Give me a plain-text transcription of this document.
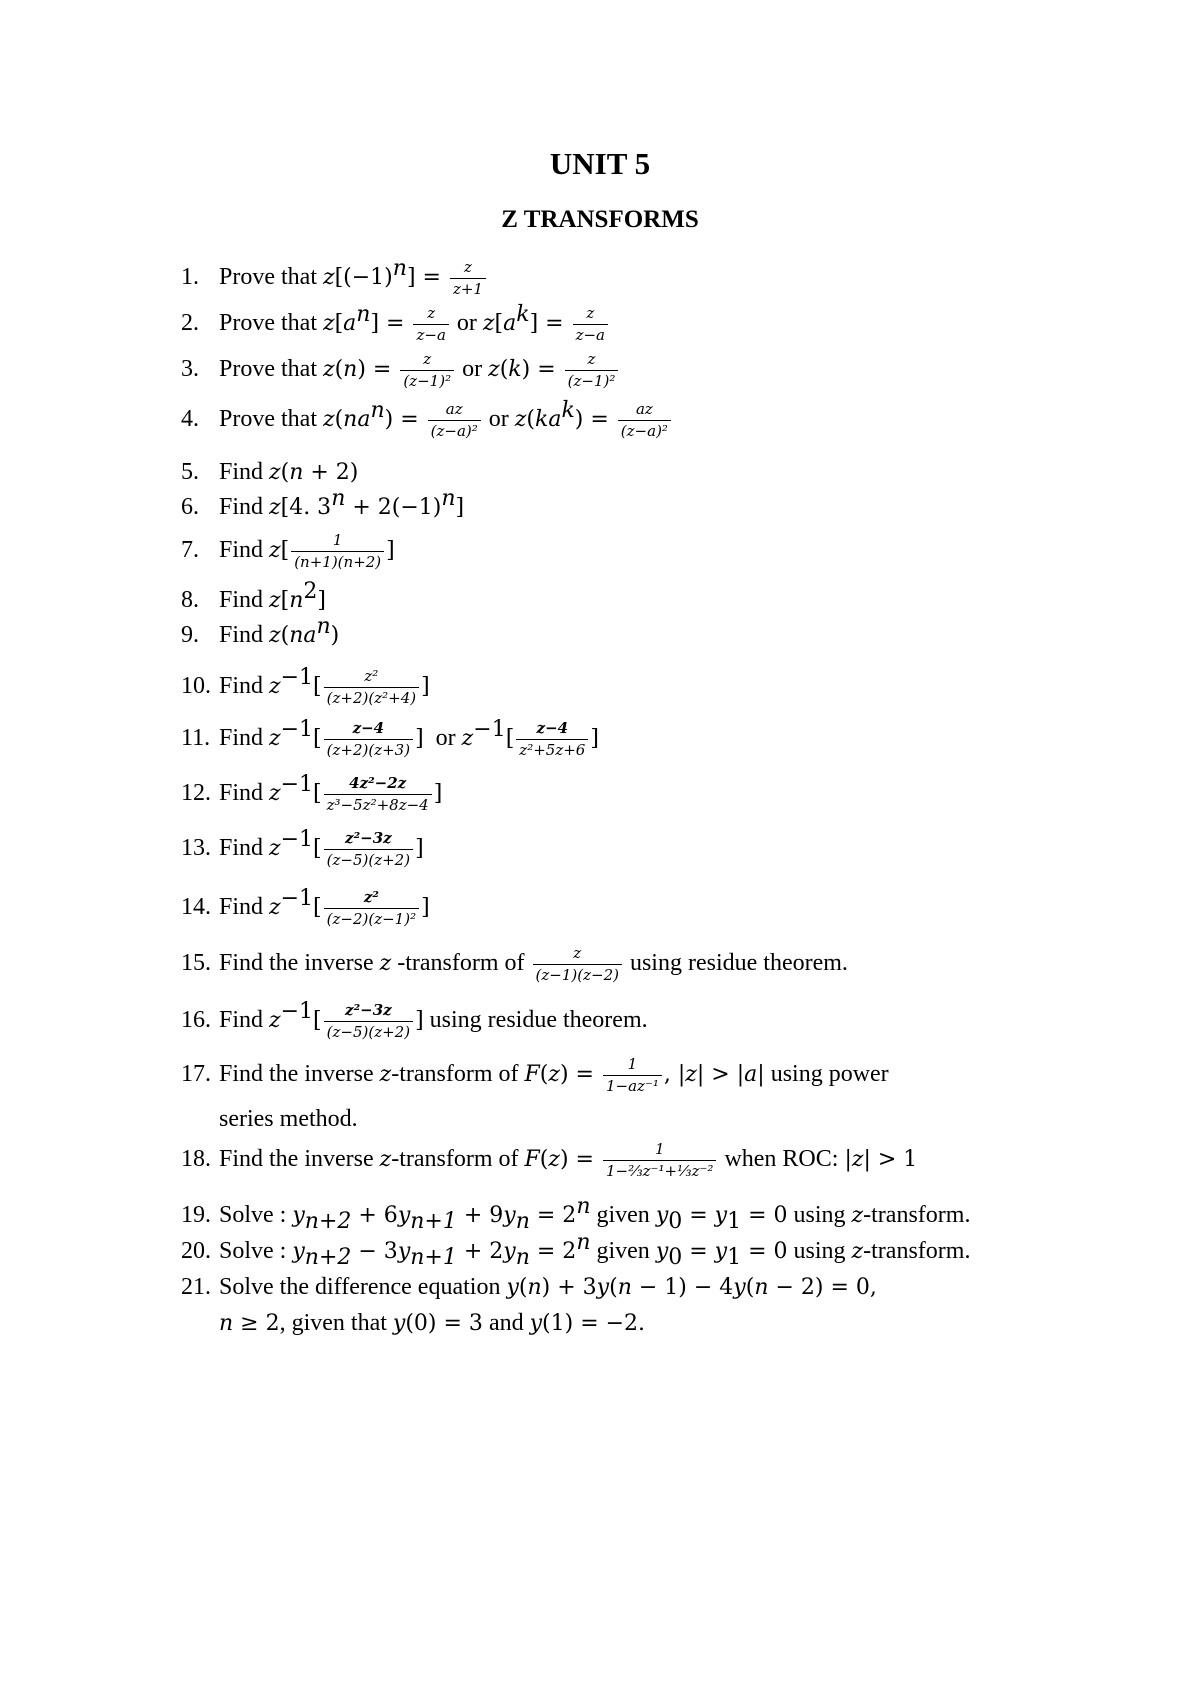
UNIT 5
Z TRANSFORMS
1. Prove that $z[(-1)^n] = \frac{z}{z+1}$
2. Prove that $z[a^n] = \frac{z}{z-a}$ or $z[a^k] = \frac{z}{z-a}$
3. Prove that $z(n) = \frac{z}{\text{(z−1)²}}$ or $z(k) = \frac{z}{\text{(z−1)²}}$
4. Prove that $z(na^n) = \frac{az}{\text{(z−a)²}}$ or $z(ka^k) = \frac{az}{\text{(z−a)²}}$
5. Find z(n + 2)
6. Find z[4. $3^n + 2(-1)^n$]
7. Find $z[ \frac{1}{(n+1)(n+2)}$ ]
8. Find $z[n^2]$
9. Find $z(na^n)$
10. Find $z^{-1}[ \frac{\text{z²}}{\text{(z+2)(z²+4)}}$ ]
11. Find $z^{-1}[ \frac{z-4}{(z+2)(z+3)}$ ] or $z^{-1}[ \frac{z-4}{\text{z²+5z+6}}$ ]
12. Find $z^{-1}[ \frac{\text{4z²−2z}}{\text{z³−5z²+8z−4}}$ ]
13. Find $z^{-1}[ \frac{\text{z²−3z}}{(z-5)(z+2)}$ ]
14. Find $z^{-1}[ \frac{\text{z²}}{\text{(z−2)(z−1)²}}$ ]
15. Find the inverse z -transform of $\frac{z}{(z-1)(z-2)}$ using residue theorem.
16. Find $z^{-1}[ \frac{\text{z²−3z}}{(z-5)(z+2)}$ ] using residue theorem.
17. Find the inverse z-transform of $F(z) = \frac{1}{\text{1−az⁻¹}}$ , |z| > |a| using power
series method.
18. Find the inverse z-transform of $F(z) = \frac{1}{\text{1−⅔z⁻¹+⅓z⁻²}}$ when ROC: |z| > 1
19. Solve : $y_{n+2} + 6y_{n+1} + 9y_n = 2^n$ given $y_0 = y_1 = 0$ using z-transform.
20. Solve : $y_{n+2} - 3y_{n+1} + 2y_n = 2^n$ given $y_0 = y_1 = 0$ using z-transform.
21. Solve the difference equation y(n) + 3y(n − 1) − 4y(n − 2) = 0,
n ≥ 2, given that y(0) = 3 and y(1) = −2.
